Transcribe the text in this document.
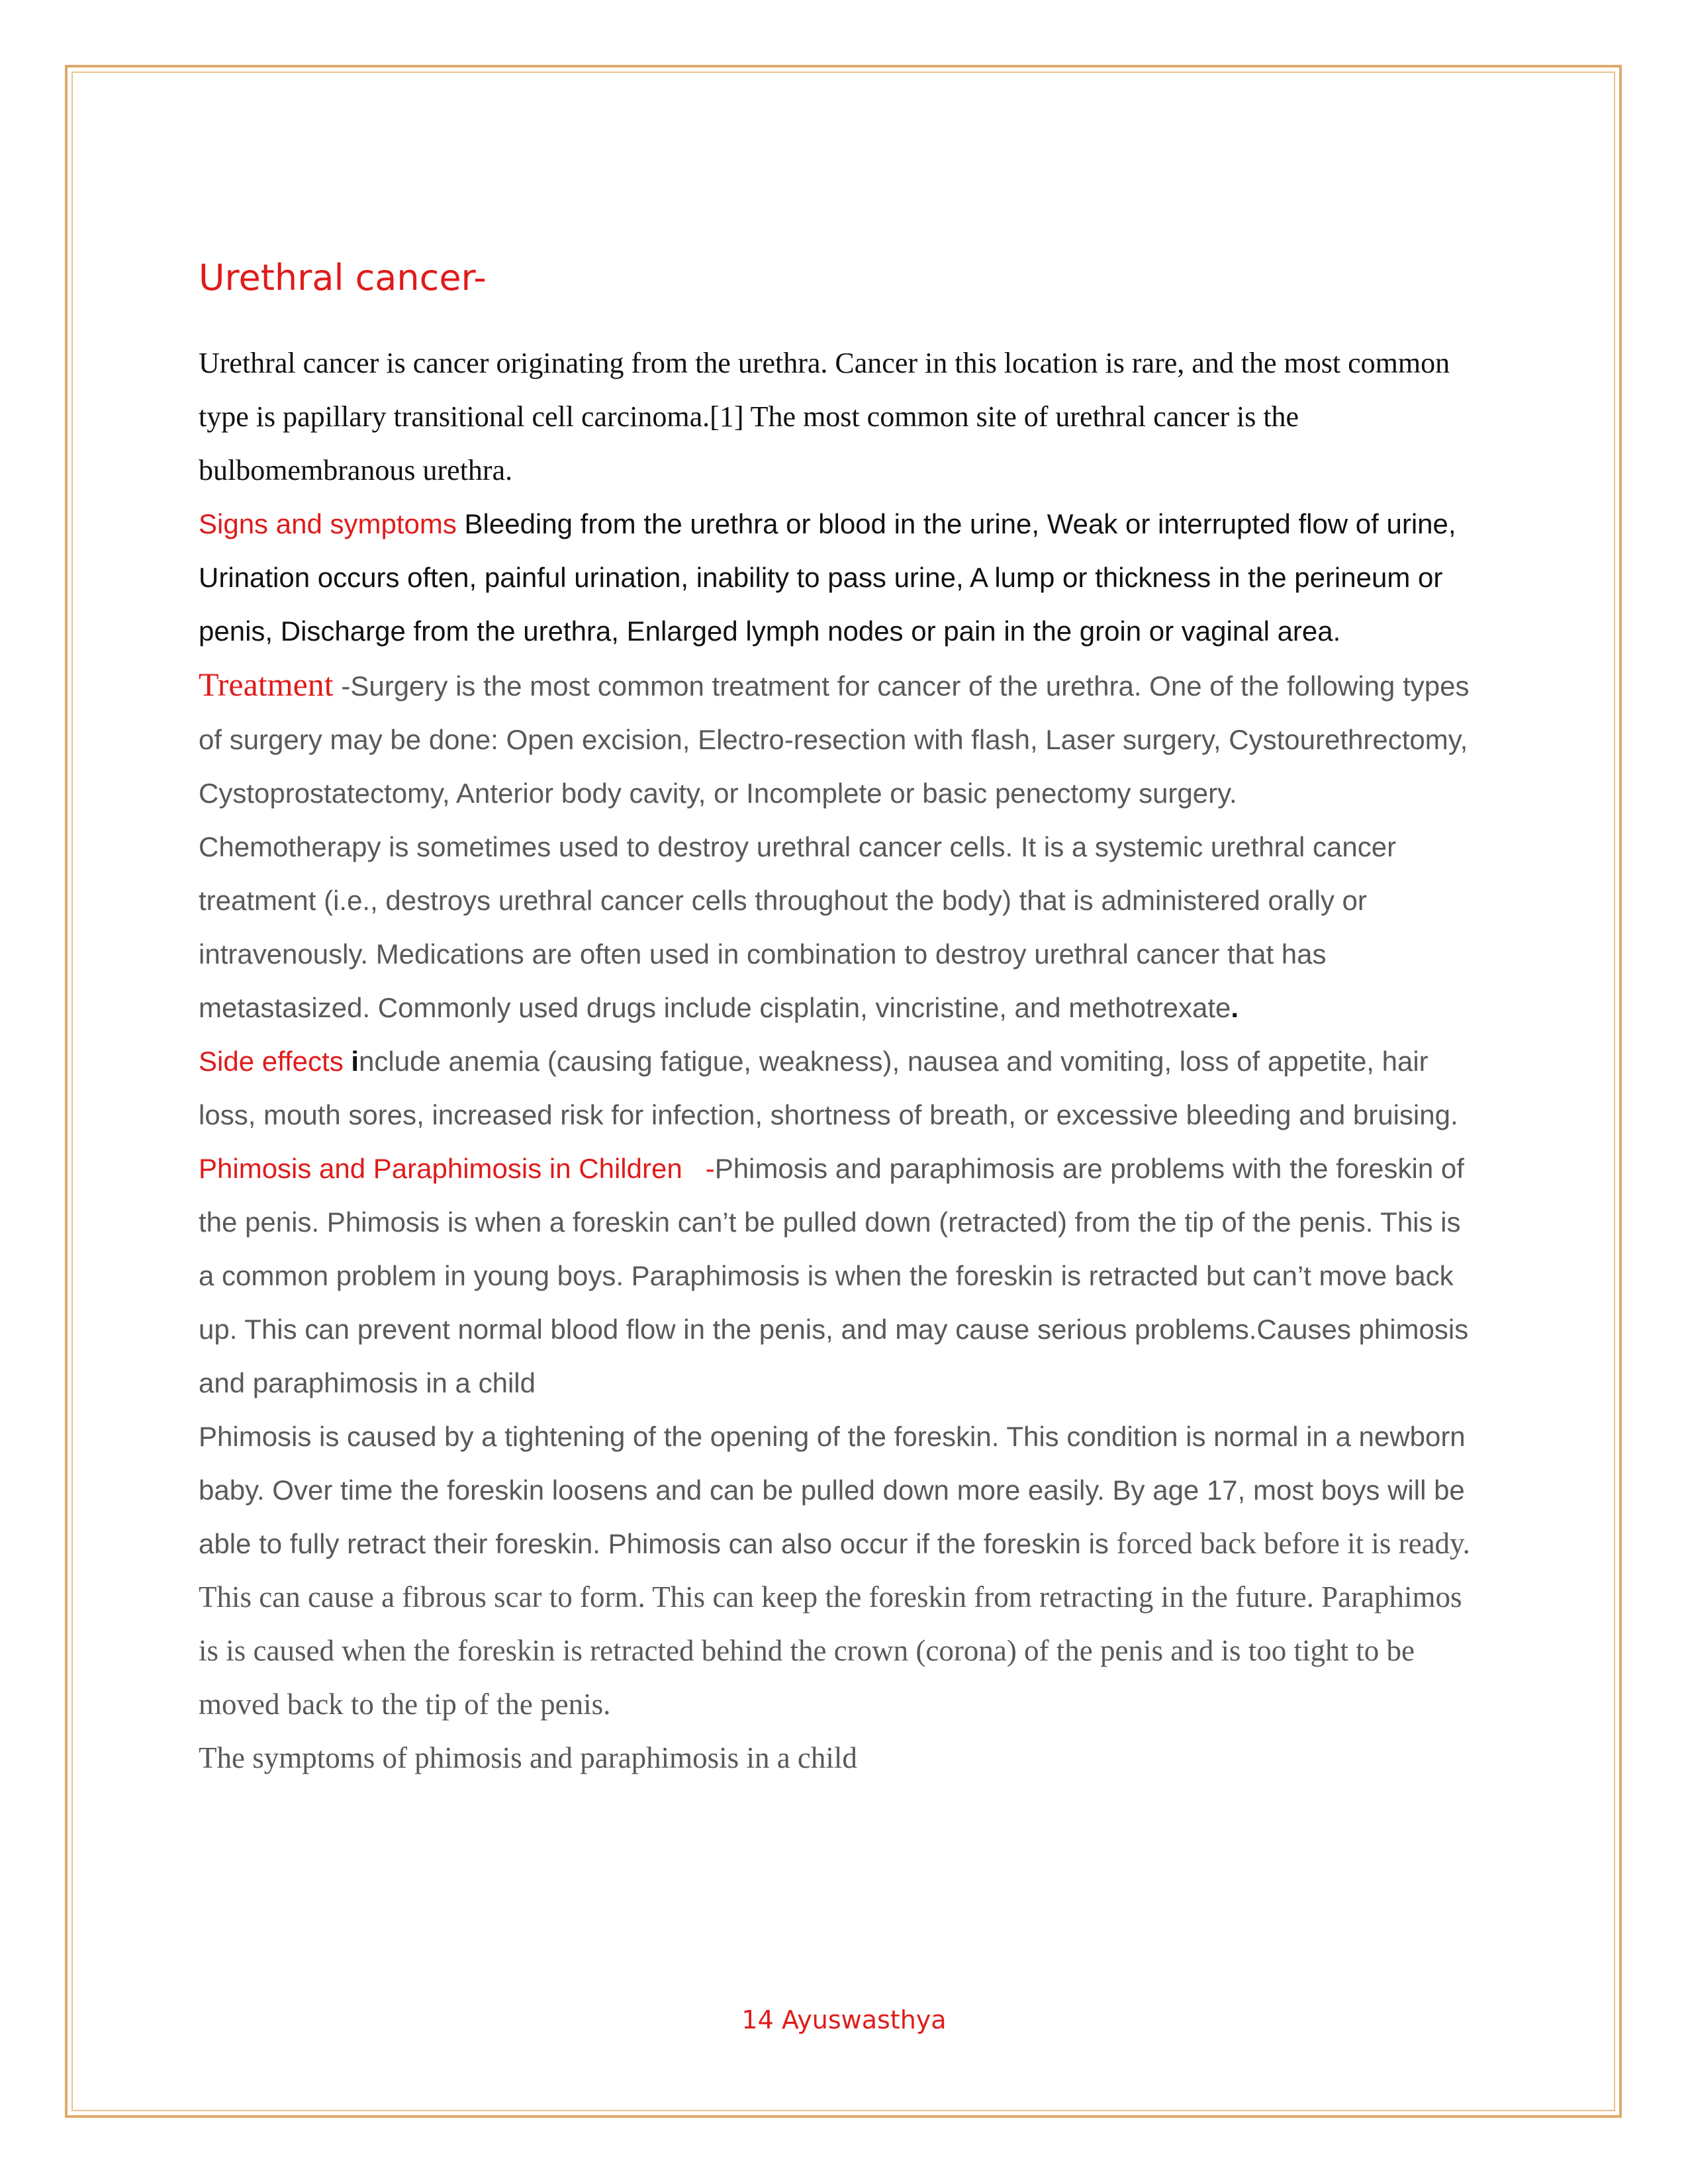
Urethral cancer-

Urethral cancer is cancer originating from the urethra. Cancer in this location is rare, and the most common type is papillary transitional cell carcinoma.[1] The most common site of urethral cancer is the bulbomembranous urethra.

Signs and symptoms Bleeding from the urethra or blood in the urine, Weak or interrupted flow of urine, Urination occurs often, painful urination, inability to pass urine, A lump or thickness in the perineum or penis, Discharge from the urethra, Enlarged lymph nodes or pain in the groin or vaginal area.

Treatment -Surgery is the most common treatment for cancer of the urethra. One of the following types of surgery may be done: Open excision, Electro-resection with flash, Laser surgery, Cystourethrectomy, Cystoprostatectomy, Anterior body cavity, or Incomplete or basic penectomy surgery.

Chemotherapy is sometimes used to destroy urethral cancer cells. It is a systemic urethral cancer treatment (i.e., destroys urethral cancer cells throughout the body) that is administered orally or intravenously. Medications are often used in combination to destroy urethral cancer that has metastasized. Commonly used drugs include cisplatin, vincristine, and methotrexate.

Side effects include anemia (causing fatigue, weakness), nausea and vomiting, loss of appetite, hair loss, mouth sores, increased risk for infection, shortness of breath, or excessive bleeding and bruising.

Phimosis and Paraphimosis in Children   -Phimosis and paraphimosis are problems with the foreskin of the penis. Phimosis is when a foreskin can’t be pulled down (retracted) from the tip of the penis. This is a common problem in young boys. Paraphimosis is when the foreskin is retracted but can’t move back up. This can prevent normal blood flow in the penis, and may cause serious problems.Causes phimosis and paraphimosis in a child

Phimosis is caused by a tightening of the opening of the foreskin. This condition is normal in a newborn baby. Over time the foreskin loosens and can be pulled down more easily. By age 17, most boys will be able to fully retract their foreskin. Phimosis can also occur if the foreskin is forced back before it is ready. This can cause a fibrous scar to form. This can keep the foreskin from retracting in the future. Paraphimos is is caused when the foreskin is retracted behind the crown (corona) of the penis and is too tight to be moved back to the tip of the penis.

The symptoms of phimosis and paraphimosis in a child

14 Ayuswasthya
